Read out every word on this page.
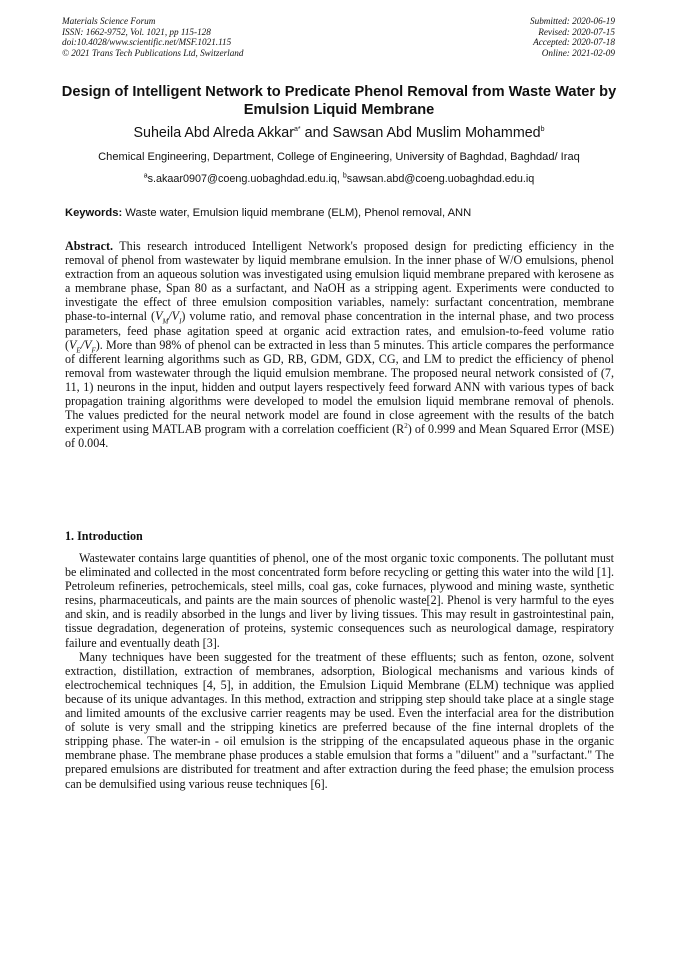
Materials Science Forum
ISSN: 1662-9752, Vol. 1021, pp 115-128
doi:10.4028/www.scientific.net/MSF.1021.115
© 2021 Trans Tech Publications Ltd, Switzerland
Submitted: 2020-06-19
Revised: 2020-07-15
Accepted: 2020-07-18
Online: 2021-02-09
Design of Intelligent Network to Predicate Phenol Removal from Waste Water by Emulsion Liquid Membrane
Suheila Abd Alreda Akkar$^{a*}$ and Sawsan Abd Muslim Mohammed$^b$
Chemical Engineering, Department, College of Engineering, University of Baghdad, Baghdad/ Iraq
$^a$s.akaar0907@coeng.uobaghdad.edu.iq, $^b$sawsan.abd@coeng.uobaghdad.edu.iq
Keywords: Waste water, Emulsion liquid membrane (ELM), Phenol removal, ANN
Abstract. This research introduced Intelligent Network's proposed design for predicting efficiency in the removal of phenol from wastewater by liquid membrane emulsion. In the inner phase of W/O emulsions, phenol extraction from an aqueous solution was investigated using emulsion liquid membrane prepared with kerosene as a membrane phase, Span 80 as a surfactant, and NaOH as a stripping agent. Experiments were conducted to investigate the effect of three emulsion composition variables, namely: surfactant concentration, membrane phase-to-internal $(V_M/V_I)$ volume ratio, and removal phase concentration in the internal phase, and two process parameters, feed phase agitation speed at organic acid extraction rates, and emulsion-to-feed volume ratio $(V_E/V_F)$. More than 98% of phenol can be extracted in less than 5 minutes. This article compares the performance of different learning algorithms such as GD, RB, GDM, GDX, CG, and LM to predict the efficiency of phenol removal from wastewater through the liquid emulsion membrane. The proposed neural network consisted of (7, 11, 1) neurons in the input, hidden and output layers respectively feed forward ANN with various types of back propagation training algorithms were developed to model the emulsion liquid membrane removal of phenols. The values predicted for the neural network model are found in close agreement with the results of the batch experiment using MATLAB program with a correlation coefficient $(R^2)$ of 0.999 and Mean Squared Error (MSE) of 0.004.
1. Introduction

Wastewater contains large quantities of phenol, one of the most organic toxic components. The pollutant must be eliminated and collected in the most concentrated form before recycling or getting this water into the wild [1]. Petroleum refineries, petrochemicals, steel mills, coal gas, coke furnaces, plywood and mining waste, synthetic resins, pharmaceuticals, and paints are the main sources of phenolic waste[2]. Phenol is very harmful to the eyes and skin, and is readily absorbed in the lungs and liver by living tissues. This may result in gastrointestinal pain, tissue degradation, degeneration of proteins, systemic consequences such as neurological damage, respiratory failure and eventually death [3].

Many techniques have been suggested for the treatment of these effluents; such as fenton, ozone, solvent extraction, distillation, extraction of membranes, adsorption, Biological mechanisms and various kinds of electrochemical techniques [4, 5], in addition, the Emulsion Liquid Membrane (ELM) technique was applied because of its unique advantages. In this method, extraction and stripping step should take place at a single stage and limited amounts of the exclusive carrier reagents may be used. Even the interfacial area for the distribution of solute is very small and the stripping kinetics are preferred because of the fine internal droplets of the stripping phase. The water-in - oil emulsion is the stripping of the encapsulated aqueous phase in the organic membrane phase. The membrane phase produces a stable emulsion that forms a "diluent" and a "surfactant." The prepared emulsions are distributed for treatment and after extraction during the feed phase; the emulsion process can be demulsified using various reuse techniques [6].
